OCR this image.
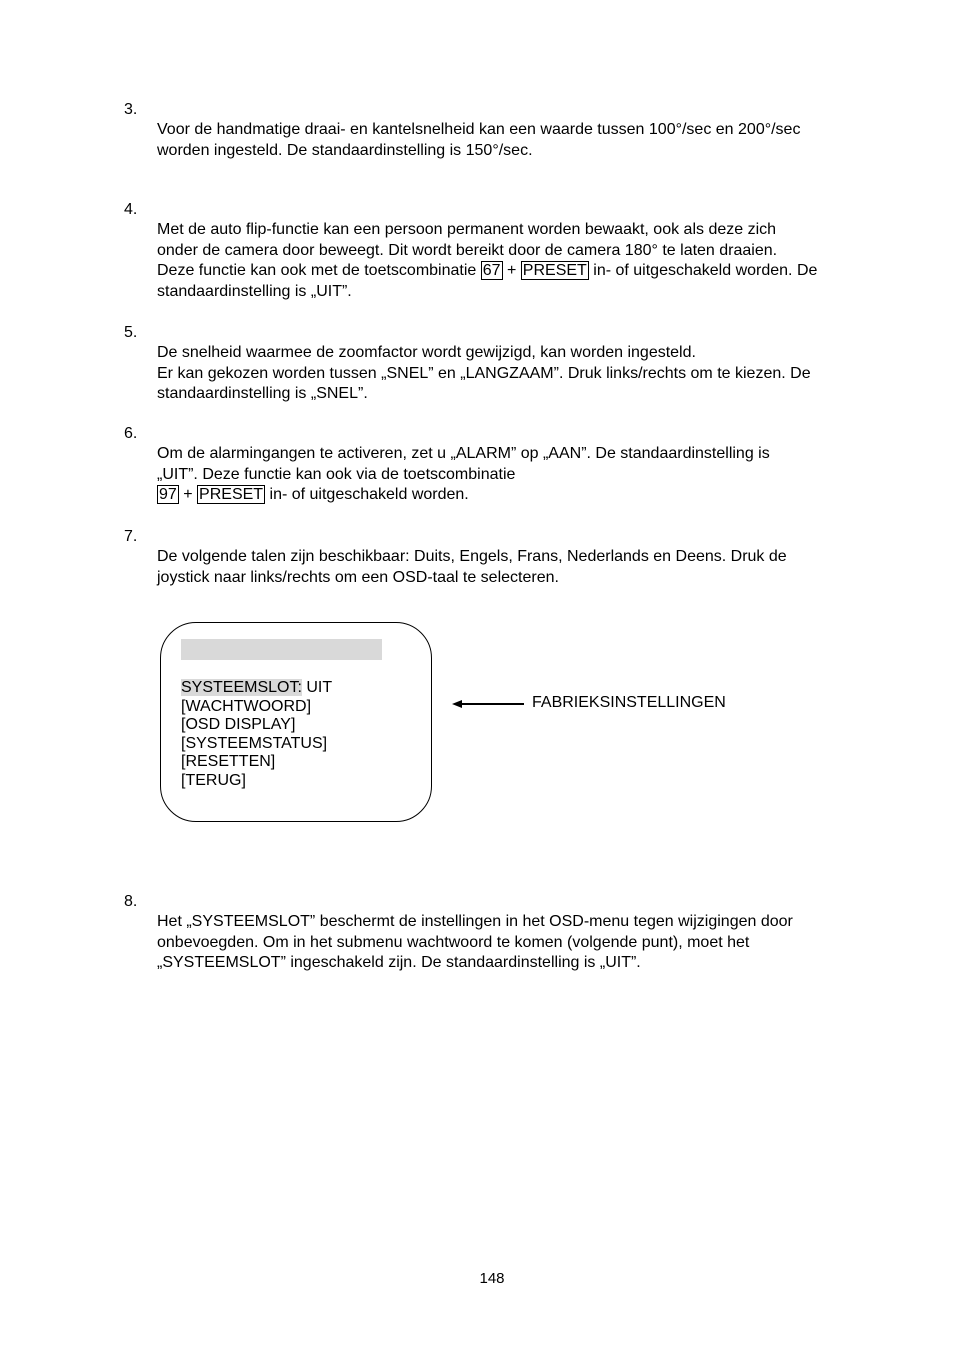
3.
Voor de handmatige draai- en kantelsnelheid kan een waarde tussen 100°/sec en 200°/sec
worden ingesteld. De standaardinstelling is 150°/sec.
4.
Met de auto flip-functie kan een persoon permanent worden bewaakt, ook als deze zich
onder de camera door beweegt. Dit wordt bereikt door de camera 180° te laten draaien.
Deze functie kan ook met de toetscombinatie 67 + PRESET in- of uitgeschakeld worden. De
standaardinstelling is „UIT”.
5.
De snelheid waarmee de zoomfactor wordt gewijzigd, kan worden ingesteld.
Er kan gekozen worden tussen „SNEL” en „LANGZAAM”. Druk links/rechts om te kiezen. De
standaardinstelling is „SNEL”.
6.
Om de alarmingangen te activeren, zet u „ALARM” op „AAN”. De standaardinstelling is
„UIT”. Deze functie kan ook via de toetscombinatie
97 + PRESET in- of uitgeschakeld worden.
7.
De volgende talen zijn beschikbaar: Duits, Engels, Frans, Nederlands en Deens. Druk de
joystick naar links/rechts om een OSD-taal te selecteren.
SYSTEEMSLOT: UIT
[WACHTWOORD]
[OSD DISPLAY]
[SYSTEEMSTATUS]
[RESETTEN]
[TERUG]
FABRIEKSINSTELLINGEN
8.
Het „SYSTEEMSLOT” beschermt de instellingen in het OSD-menu tegen wijzigingen door
onbevoegden. Om in het submenu wachtwoord te komen (volgende punt), moet het
„SYSTEEMSLOT” ingeschakeld zijn. De standaardinstelling is „UIT”.
148
